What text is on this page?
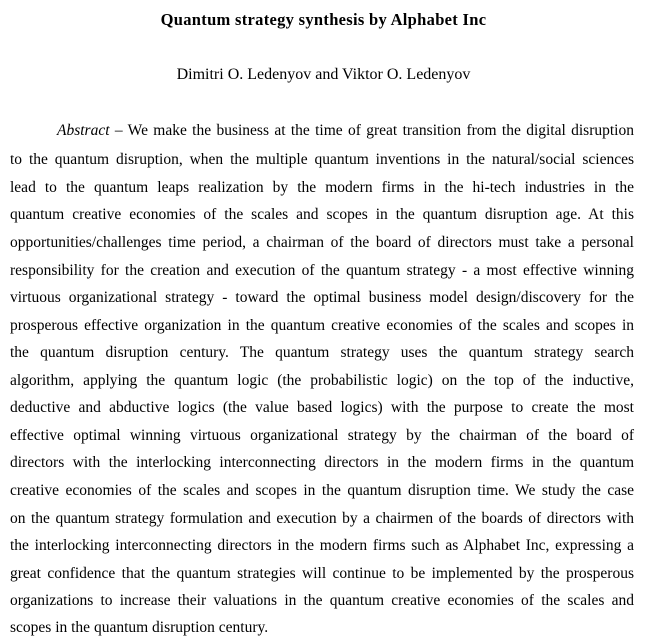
Quantum strategy synthesis by Alphabet Inc
Dimitri O. Ledenyov and Viktor O. Ledenyov
Abstract – We make the business at the time of great transition from the digital disruption
to the quantum disruption, when the multiple quantum inventions in the natural/social sciences
lead to the quantum leaps realization by the modern firms in the hi-tech industries in the
quantum creative economies of the scales and scopes in the quantum disruption age. At this
opportunities/challenges time period, a chairman of the board of directors must take a personal
responsibility for the creation and execution of the quantum strategy - a most effective winning
virtuous organizational strategy - toward the optimal business model design/discovery for the
prosperous effective organization in the quantum creative economies of the scales and scopes in
the quantum disruption century. The quantum strategy uses the quantum strategy search
algorithm, applying the quantum logic (the probabilistic logic) on the top of the inductive,
deductive and abductive logics (the value based logics) with the purpose to create the most
effective optimal winning virtuous organizational strategy by the chairman of the board of
directors with the interlocking interconnecting directors in the modern firms in the quantum
creative economies of the scales and scopes in the quantum disruption time. We study the case
on the quantum strategy formulation and execution by a chairmen of the boards of directors with
the interlocking interconnecting directors in the modern firms such as Alphabet Inc, expressing a
great confidence that the quantum strategies will continue to be implemented by the prosperous
organizations to increase their valuations in the quantum creative economies of the scales and
scopes in the quantum disruption century.
